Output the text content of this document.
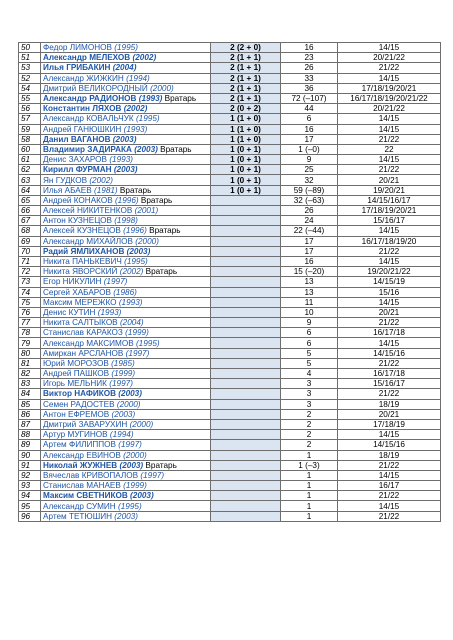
50	Федор ЛИМОНОВ (1995)	2 (2 + 0)	16	14/15
51	Александр МЕЛЕХОВ (2002)	2 (1 + 1)	23	20/21/22
53	Илья ГРИБАКИН (2004)	2 (1 + 1)	26	21/22
52	Александр ЖИЖКИН (1994)	2 (1 + 1)	33	14/15
54	Дмитрий ВЕЛИКОРОДНЫЙ (2000)	2 (1 + 1)	36	17/18/19/20/21
55	Александр РАДИОНОВ (1993) Вратарь	2 (1 + 1)	72 (–107)	16/17/18/19/20/21/22
56	Константин ЛЯХОВ (2002)	2 (0 + 2)	44	20/21/22
57	Александр КОВАЛЬЧУК (1995)	1 (1 + 0)	6	14/15
59	Андрей ГАНЮШКИН (1993)	1 (1 + 0)	16	14/15
58	Данил ВАГАНОВ (2003)	1 (1 + 0)	17	21/22
60	Владимир ЗАДИРАКА (2003) Вратарь	1 (0 + 1)	1 (–0)	22
61	Денис ЗАХАРОВ (1993)	1 (0 + 1)	9	14/15
62	Кирилл ФУРМАН (2003)	1 (0 + 1)	25	21/22
63	Ян ГУДКОВ (2002)	1 (0 + 1)	32	20/21
64	Илья АБАЕВ (1981) Вратарь	1 (0 + 1)	59 (–89)	19/20/21
65	Андрей КОНАКОВ (1996) Вратарь		32 (–63)	14/15/16/17
66	Алексей НИКИТЕНКОВ (2001)		26	17/18/19/20/21
67	Антон КУЗНЕЦОВ (1998)		24	15/16/17
68	Алексей КУЗНЕЦОВ (1996) Вратарь		22 (–44)	14/15
69	Александр МИХАЙЛОВ (2000)		17	16/17/18/19/20
70	Радий ЯМЛИХАНОВ (2003)		17	21/22
71	Никита ПАНЬКЕВИЧ (1995)		16	14/15
72	Никита ЯВОРСКИЙ (2002) Вратарь		15 (–20)	19/20/21/22
73	Егор НИКУЛИН (1997)		13	14/15/19
74	Сергей ХАБАРОВ (1986)		13	15/16
75	Максим МЕРЕЖКО (1993)		11	14/15
76	Денис КУТИН (1993)		10	20/21
77	Никита САЛТЫКОВ (2004)		9	21/22
78	Станислав КАРАКОЗ (1999)		6	16/17/18
79	Александр МАКСИМОВ (1995)		6	14/15
80	Амиркан АРСЛАНОВ (1997)		5	14/15/16
81	Юрий МОРОЗОВ (1985)		5	21/22
82	Андрей ПАШКОВ (1999)		4	16/17/18
83	Игорь МЕЛЬНИК (1997)		3	15/16/17
84	Виктор НАФИКОВ (2003)		3	21/22
85	Семен РАДОСТЕВ (2000)		3	18/19
86	Антон ЕФРЕМОВ (2003)		2	20/21
87	Дмитрий ЗАВАРУХИН (2000)		2	17/18/19
88	Артур МУГИНОВ (1994)		2	14/15
89	Артем ФИЛИППОВ (1997)		2	14/15/16
90	Александр ЕВИНОВ (2000)		1	18/19
91	Николай ЖУЖНЕВ (2003) Вратарь		1 (–3)	21/22
92	Вячеслав КРИВОПАЛОВ (1997)		1	14/15
93	Станислав МАНАЕВ (1999)		1	16/17
94	Максим СВЕТНИКОВ (2003)		1	21/22
95	Александр СУМИН (1995)		1	14/15
96	Артем ТЕТЮШИН (2003)		1	21/22
